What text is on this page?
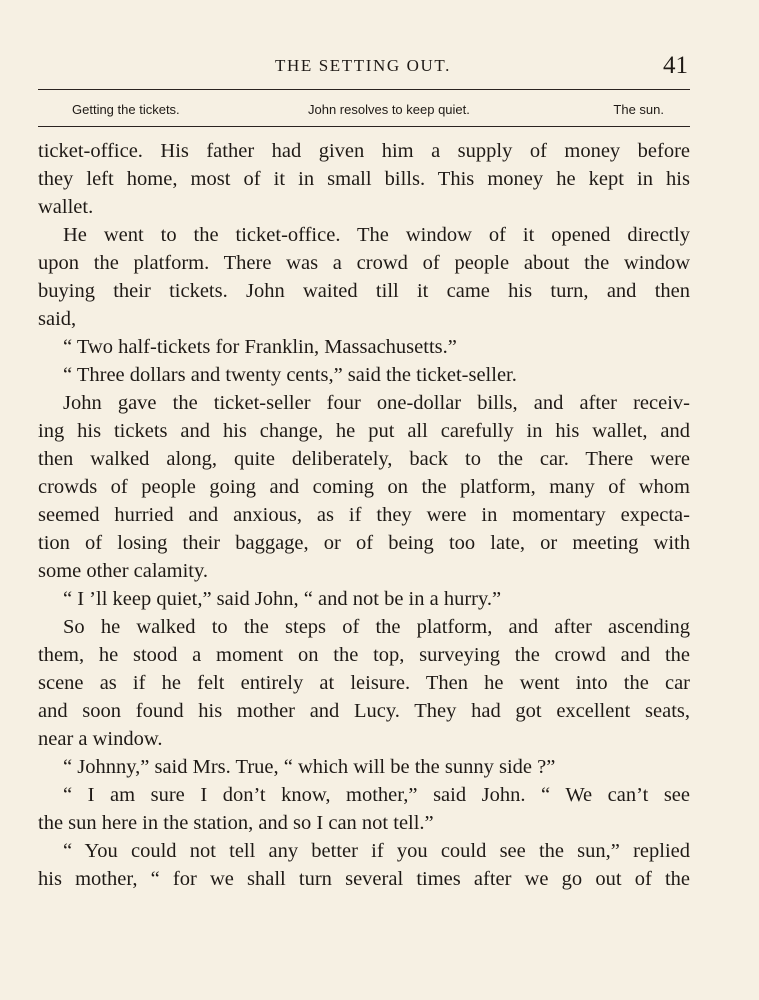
THE SETTING OUT.	41
Getting the tickets.	John resolves to keep quiet.	The sun.
ticket-office. His father had given him a supply of money before
they left home, most of it in small bills. This money he kept in his
wallet.
He went to the ticket-office. The window of it opened directly
upon the platform. There was a crowd of people about the window
buying their tickets. John waited till it came his turn, and then
said,
“ Two half-tickets for Franklin, Massachusetts.”
“ Three dollars and twenty cents,” said the ticket-seller.
John gave the ticket-seller four one-dollar bills, and after receiv-
ing his tickets and his change, he put all carefully in his wallet, and
then walked along, quite deliberately, back to the car. There were
crowds of people going and coming on the platform, many of whom
seemed hurried and anxious, as if they were in momentary expecta-
tion of losing their baggage, or of being too late, or meeting with
some other calamity.
“ I ’ll keep quiet,” said John, “ and not be in a hurry.”
So he walked to the steps of the platform, and after ascending
them, he stood a moment on the top, surveying the crowd and the
scene as if he felt entirely at leisure. Then he went into the car
and soon found his mother and Lucy. They had got excellent seats,
near a window.
“ Johnny,” said Mrs. True, “ which will be the sunny side ?”
“ I am sure I don’t know, mother,” said John. “ We can’t see
the sun here in the station, and so I can not tell.”
“ You could not tell any better if you could see the sun,” replied
his mother, “ for we shall turn several times after we go out of the
